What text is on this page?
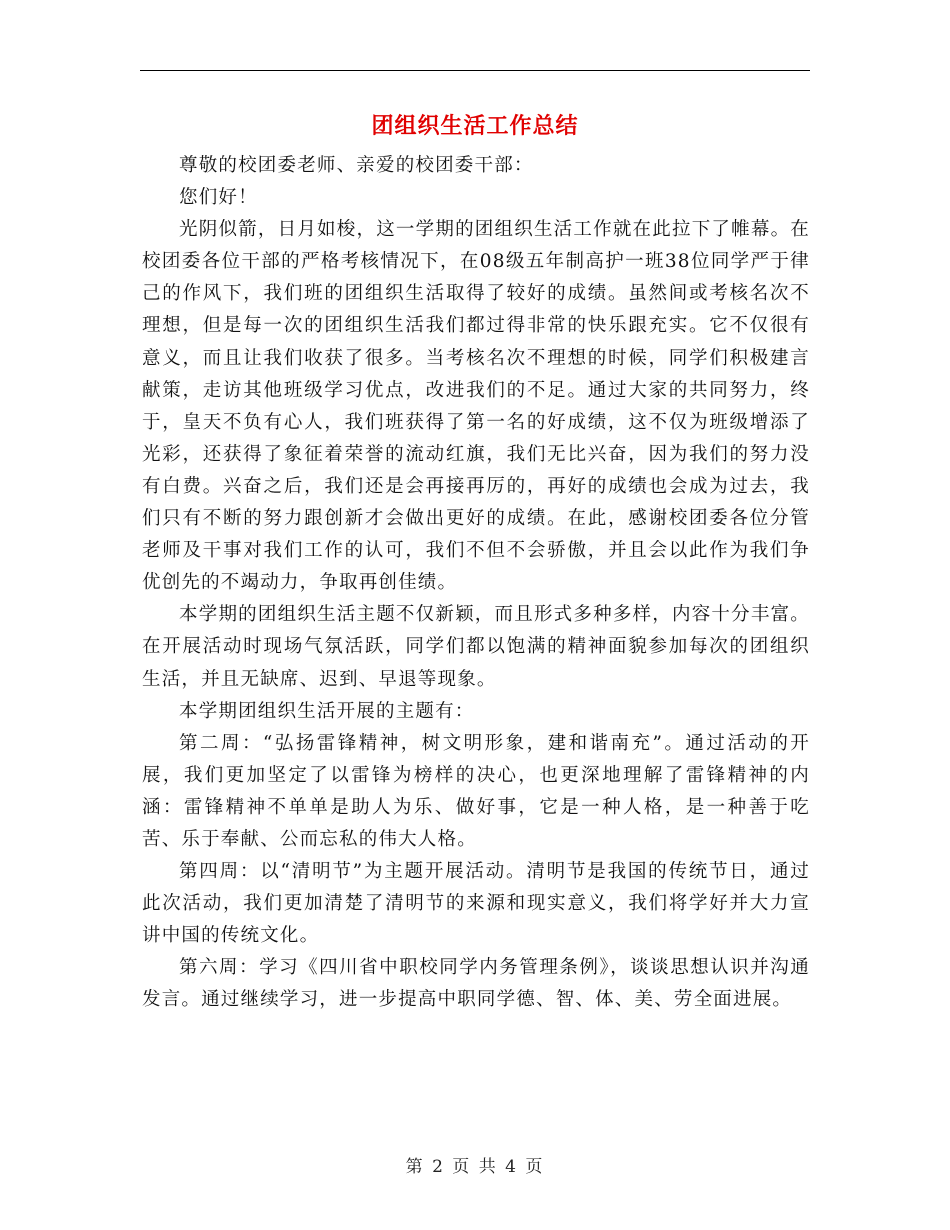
团组织生活工作总结

尊敬的校团委老师、亲爱的校团委干部：

您们好！

光阴似箭，日月如梭，这一学期的团组织生活工作就在此拉下了帷幕。在校团委各位干部的严格考核情况下，在08级五年制高护一班38位同学严于律己的作风下，我们班的团组织生活取得了较好的成绩。虽然间或考核名次不理想，但是每一次的团组织生活我们都过得非常的快乐跟充实。它不仅很有意义，而且让我们收获了很多。当考核名次不理想的时候，同学们积极建言献策，走访其他班级学习优点，改进我们的不足。通过大家的共同努力，终于，皇天不负有心人，我们班获得了第一名的好成绩，这不仅为班级增添了光彩，还获得了象征着荣誉的流动红旗，我们无比兴奋，因为我们的努力没有白费。兴奋之后，我们还是会再接再厉的，再好的成绩也会成为过去，我们只有不断的努力跟创新才会做出更好的成绩。在此，感谢校团委各位分管老师及干事对我们工作的认可，我们不但不会骄傲，并且会以此作为我们争优创先的不竭动力，争取再创佳绩。

本学期的团组织生活主题不仅新颖，而且形式多种多样，内容十分丰富。在开展活动时现场气氛活跃，同学们都以饱满的精神面貌参加每次的团组织生活，并且无缺席、迟到、早退等现象。

本学期团组织生活开展的主题有：

第二周：“弘扬雷锋精神，树文明形象，建和谐南充”。通过活动的开展，我们更加坚定了以雷锋为榜样的决心，也更深地理解了雷锋精神的内涵：雷锋精神不单单是助人为乐、做好事，它是一种人格，是一种善于吃苦、乐于奉献、公而忘私的伟大人格。

第四周：以“清明节”为主题开展活动。清明节是我国的传统节日，通过此次活动，我们更加清楚了清明节的来源和现实意义，我们将学好并大力宣讲中国的传统文化。

第六周：学习《四川省中职校同学内务管理条例》，谈谈思想认识并沟通发言。通过继续学习，进一步提高中职同学德、智、体、美、劳全面进展。

第 2 页 共 4 页
